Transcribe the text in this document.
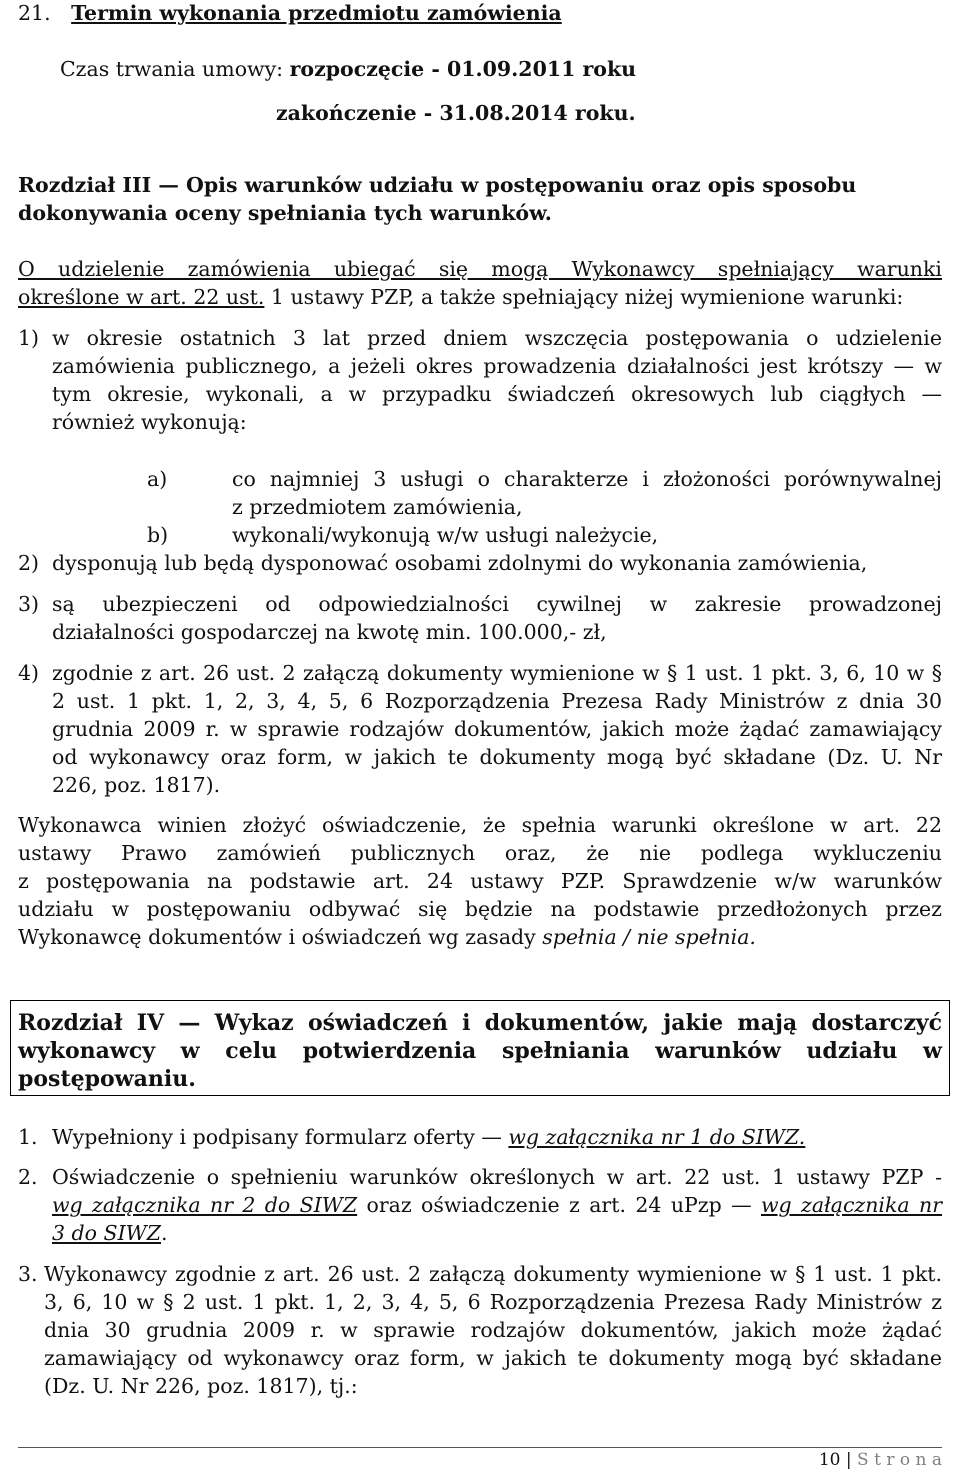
21. Termin wykonania przedmiotu zamówienia
Czas trwania umowy: rozpoczęcie - 01.09.2011 roku
zakończenie - 31.08.2014 roku.
Rozdział III — Opis warunków udziału w postępowaniu oraz opis sposobu
dokonywania oceny spełniania tych warunków.
O udzielenie zamówienia ubiegać się mogą Wykonawcy spełniający warunki
określone w art. 22 ust. 1 ustawy PZP, a także spełniający niżej wymienione warunki:
1) w okresie ostatnich 3 lat przed dniem wszczęcia postępowania o udzielenie
zamówienia publicznego, a jeżeli okres prowadzenia działalności jest krótszy — w
tym okresie, wykonali, a w przypadku świadczeń okresowych lub ciągłych —
również wykonują:
a)	co najmniej 3 usługi o charakterze i złożoności porównywalnej
z przedmiotem zamówienia,
b)	wykonali/wykonują w/w usługi należycie,
2) dysponują lub będą dysponować osobami zdolnymi do wykonania zamówienia,
3) są ubezpieczeni od odpowiedzialności cywilnej w zakresie prowadzonej
działalności gospodarczej na kwotę min. 100.000,- zł,
4) zgodnie z art. 26 ust. 2 załączą dokumenty wymienione w § 1 ust. 1 pkt. 3, 6, 10 w §
2 ust. 1 pkt. 1, 2, 3, 4, 5, 6 Rozporządzenia Prezesa Rady Ministrów z dnia 30
grudnia 2009 r. w sprawie rodzajów dokumentów, jakich może żądać zamawiający
od wykonawcy oraz form, w jakich te dokumenty mogą być składane (Dz. U. Nr
226, poz. 1817).
Wykonawca winien złożyć oświadczenie, że spełnia warunki określone w art. 22
ustawy Prawo zamówień publicznych oraz, że nie podlega wykluczeniu
z postępowania na podstawie art. 24 ustawy PZP. Sprawdzenie w/w warunków
udziału w postępowaniu odbywać się będzie na podstawie przedłożonych przez
Wykonawcę dokumentów i oświadczeń wg zasady spełnia / nie spełnia.
Rozdział IV — Wykaz oświadczeń i dokumentów, jakie mają dostarczyć
wykonawcy w celu potwierdzenia spełniania warunków udziału w
postępowaniu.
1. Wypełniony i podpisany formularz oferty — wg załącznika nr 1 do SIWZ.
2. Oświadczenie o spełnieniu warunków określonych w art. 22 ust. 1 ustawy PZP -
wg załącznika nr 2 do SIWZ oraz oświadczenie z art. 24 uPzp — wg załącznika nr
3 do SIWZ.
3. Wykonawcy zgodnie z art. 26 ust. 2 załączą dokumenty wymienione w § 1 ust. 1 pkt.
3, 6, 10 w § 2 ust. 1 pkt. 1, 2, 3, 4, 5, 6 Rozporządzenia Prezesa Rady Ministrów z
dnia 30 grudnia 2009 r. w sprawie rodzajów dokumentów, jakich może żądać
zamawiający od wykonawcy oraz form, w jakich te dokumenty mogą być składane
(Dz. U. Nr 226, poz. 1817), tj.:
10 | S t r o n a
